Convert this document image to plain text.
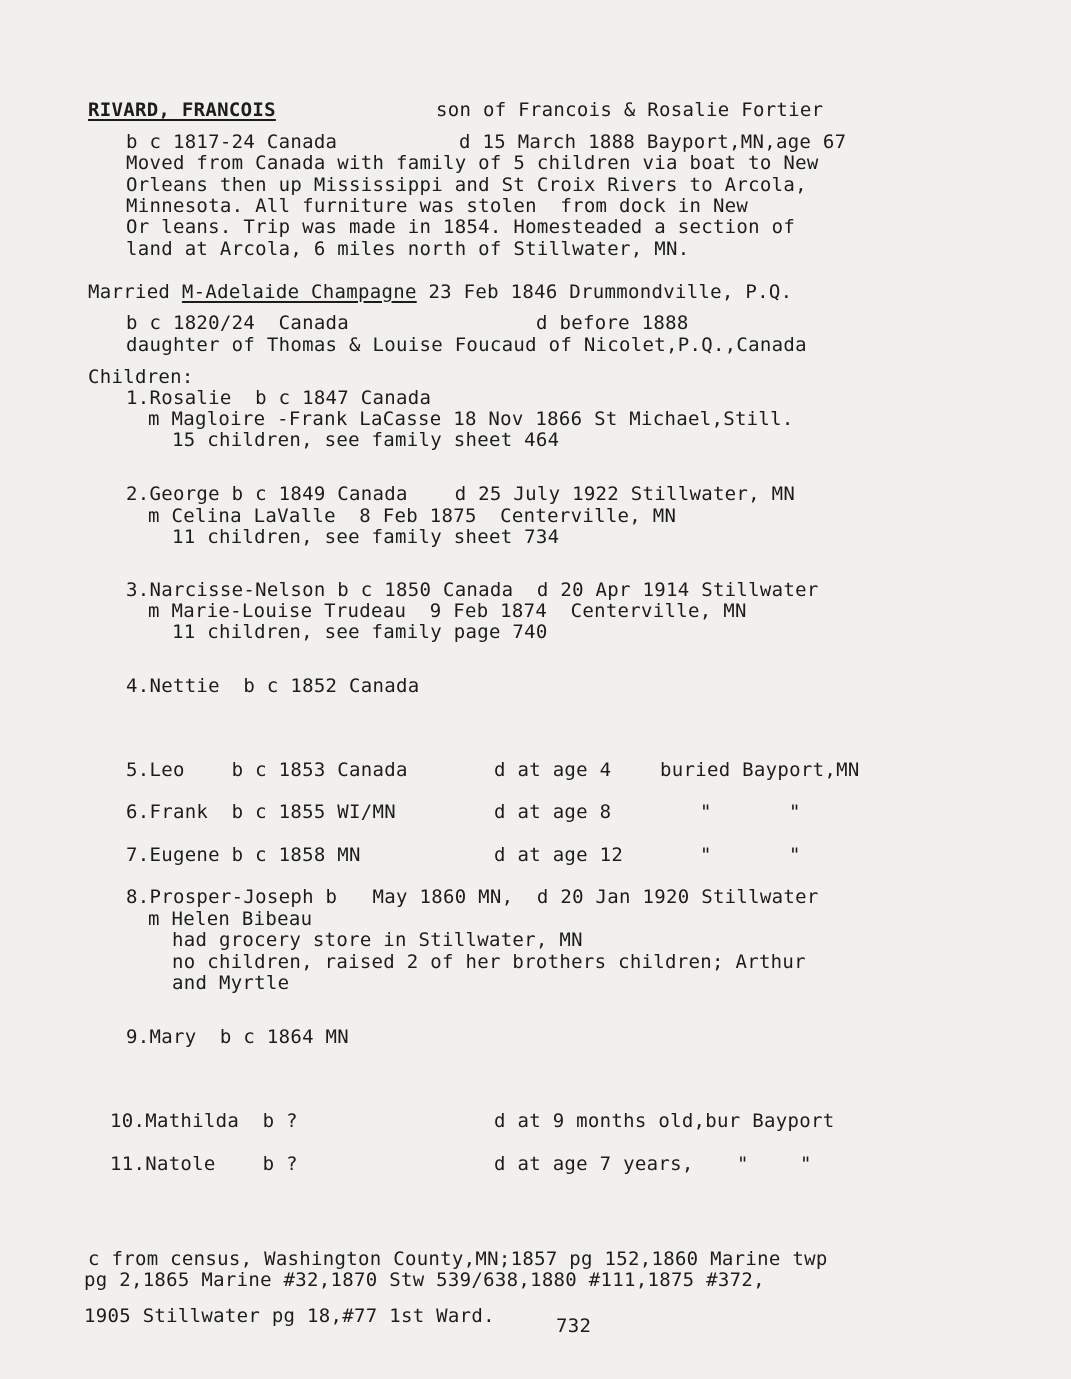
RIVARD, FRANCOIS	son of Francois & Rosalie Fortier
b c 1817-24 Canada	d 15 March 1888 Bayport,MN,age 67
Moved from Canada with family of 5 children via boat to New
Orleans then up Mississippi and St Croix Rivers to Arcola,
Minnesota. All furniture was stolen  from dock in New
Or leans. Trip was made in 1854. Homesteaded a section of
land at Arcola, 6 miles north of Stillwater, MN.
Married M-Adelaide Champagne 23 Feb 1846 Drummondville, P.Q.
b c 1820/24  Canada	d before 1888
daughter of Thomas & Louise Foucaud of Nicolet,P.Q.,Canada
Children:
1.Rosalie  b c 1847 Canada
m Magloire -Frank LaCasse 18 Nov 1866 St Michael,Still.
15 children, see family sheet 464
2.George b c 1849 Canada    d 25 July 1922 Stillwater, MN
m Celina LaValle  8 Feb 1875  Centerville, MN
11 children, see family sheet 734
3.Narcisse-Nelson b c 1850 Canada  d 20 Apr 1914 Stillwater
m Marie-Louise Trudeau  9 Feb 1874  Centerville, MN
11 children, see family page 740
4.Nettie  b c 1852 Canada
5.Leo    b c 1853 Canada	d at age 4	buried Bayport,MN
6.Frank  b c 1855 WI/MN	d at age 8	"	"
7.Eugene b c 1858 MN	d at age 12	"	"
8.Prosper-Joseph b   May 1860 MN,  d 20 Jan 1920 Stillwater
m Helen Bibeau
had grocery store in Stillwater, MN
no children, raised 2 of her brothers children; Arthur
and Myrtle
9.Mary  b c 1864 MN
10.Mathilda  b ?	d at 9 months old,bur Bayport
11.Natole    b ?	d at age 7 years, "	"
c from census, Washington County,MN;1857 pg 152,1860 Marine twp
pg 2,1865 Marine #32,1870 Stw 539/638,1880 #111,1875 #372,
1905 Stillwater pg 18,#77 1st Ward.	732
